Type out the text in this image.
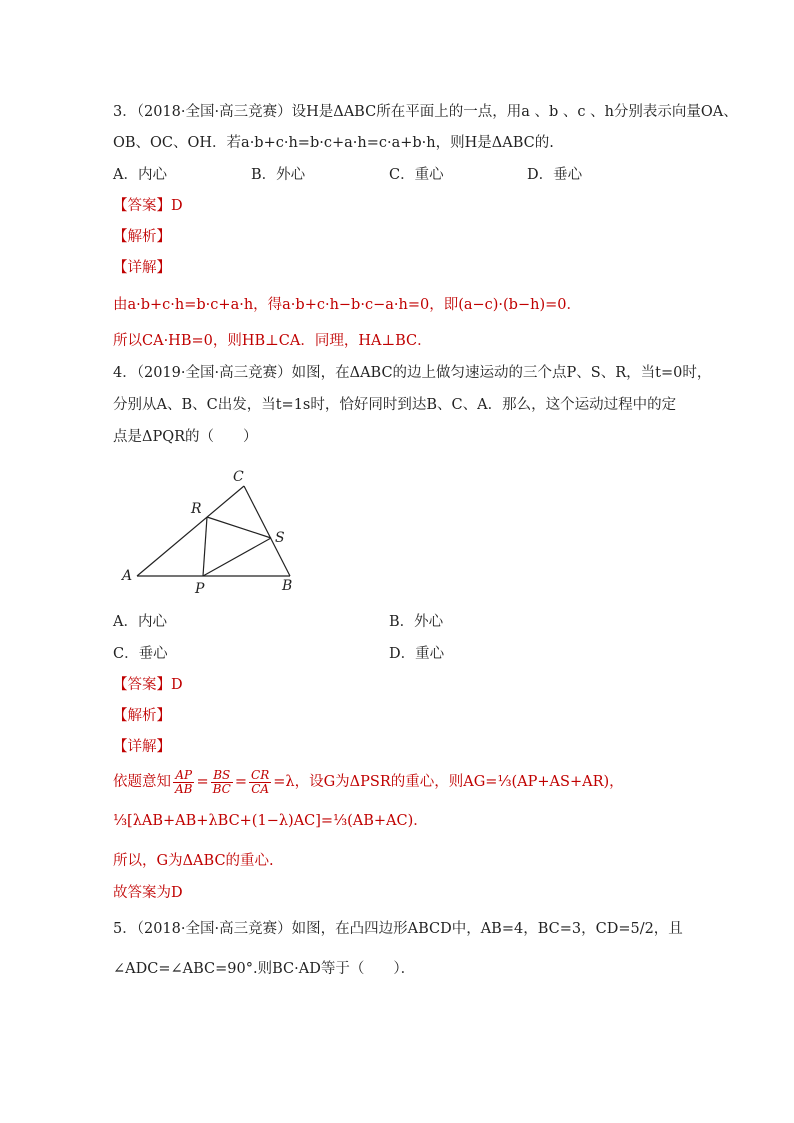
3．（2018·全国·高三竞赛）设H是ΔABC所在平面上的一点，用a 、b 、c 、h分别表示向量OA、
OB、OC、OH．若a·b+c·h=b·c+a·h=c·a+b·h，则H是ΔABC的.
A．内心	B．外心	C．重心	D．垂心
【答案】D
【解析】
【详解】
由a·b+c·h=b·c+a·h，得a·b+c·h−b·c−a·h=0，即(a−c)·(b−h)=0．
所以CA·HB=0，则HB⊥CA．同理，HA⊥BC．
4．（2019·全国·高三竞赛）如图，在ΔABC的边上做匀速运动的三个点P、S、R，当t=0时，
分别从A、B、C出发，当t=1s时，恰好同时到达B、C、A．那么，这个运动过程中的定
点是ΔPQR的（　　）
C
R
S
A
P	B
A．内心	B．外心
C．垂心	D．重心
【答案】D
【解析】
【详解】
依题意知 $\frac{AP}{AB} = \frac{BS}{BC} = \frac{CR}{CA} =\lambda$，设G为ΔPSR的重心，则AG=⅓(AP+AS+AR)，
⅓[λAB+AB+λBC+(1−λ)AC]=⅓(AB+AC)．
所以，G为ΔABC的重心.
故答案为D
5．（2018·全国·高三竞赛）如图，在凸四边形ABCD中，AB=4，BC=3，CD=5/2，且
∠ADC=∠ABC=90°.则BC·AD等于（　　）．
